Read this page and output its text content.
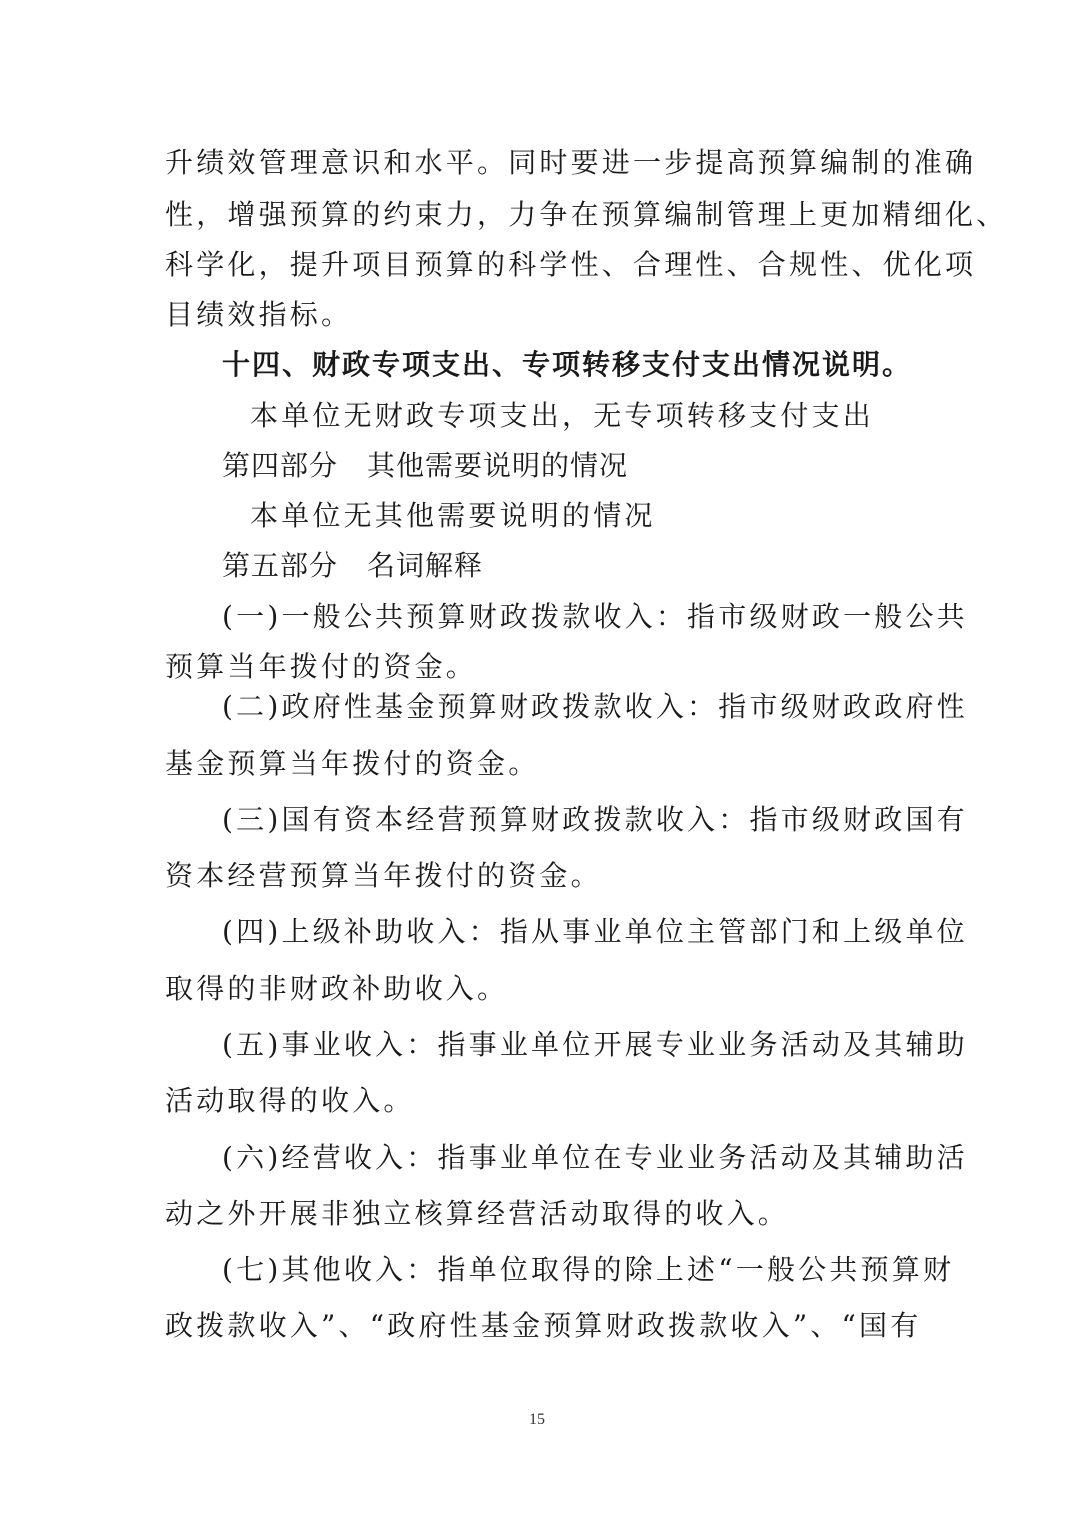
升绩效管理意识和水平。同时要进一步提高预算编制的准确
性，增强预算的约束力，力争在预算编制管理上更加精细化、
科学化，提升项目预算的科学性、合理性、合规性、优化项
目绩效指标。
十四、财政专项支出、专项转移支付支出情况说明。
本单位无财政专项支出，无专项转移支付支出
第四部分　其他需要说明的情况
本单位无其他需要说明的情况
第五部分　名词解释
(一)一般公共预算财政拨款收入：指市级财政一般公共
预算当年拨付的资金。
(二)政府性基金预算财政拨款收入：指市级财政政府性
基金预算当年拨付的资金。
(三)国有资本经营预算财政拨款收入：指市级财政国有
资本经营预算当年拨付的资金。
(四)上级补助收入：指从事业单位主管部门和上级单位
取得的非财政补助收入。
(五)事业收入：指事业单位开展专业业务活动及其辅助
活动取得的收入。
(六)经营收入：指事业单位在专业业务活动及其辅助活
动之外开展非独立核算经营活动取得的收入。
(七)其他收入：指单位取得的除上述“一般公共预算财
政拨款收入”、“政府性基金预算财政拨款收入”、“国有
15
